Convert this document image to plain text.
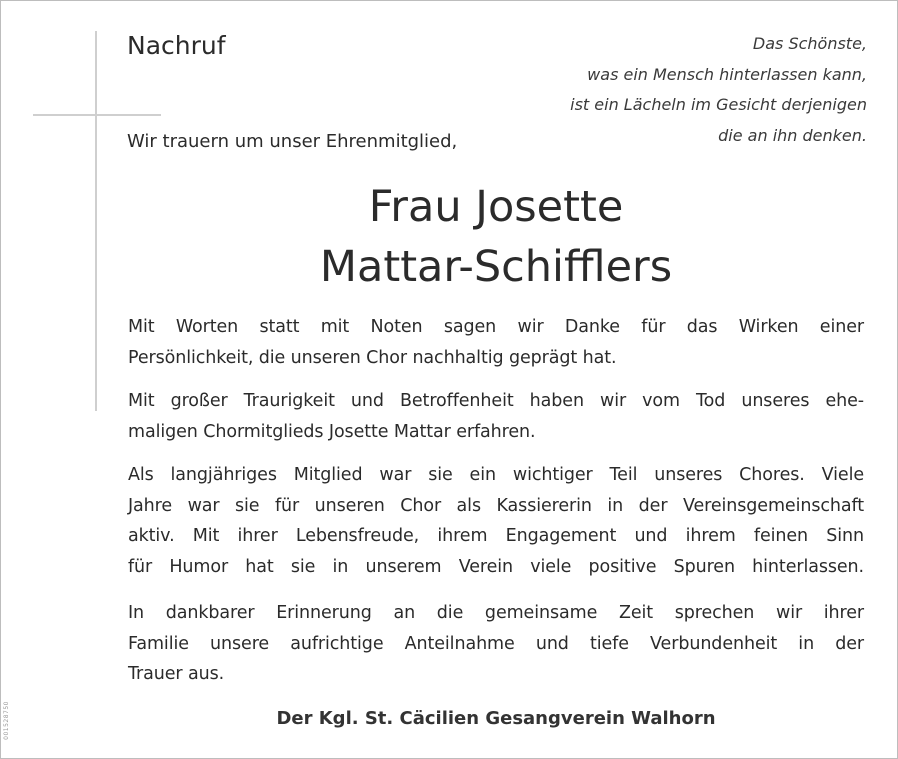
Nachruf	Das Schönste,
was ein Mensch hinterlassen kann,
ist ein Lächeln im Gesicht derjenigen
die an ihn denken.
Wir trauern um unser Ehrenmitglied,
Frau Josette
Mattar-Schifflers
Mit Worten statt mit Noten sagen wir Danke für das Wirken einer
Persönlichkeit, die unseren Chor nachhaltig geprägt hat.
Mit großer Traurigkeit und Betroffenheit haben wir vom Tod unseres ehe-
maligen Chormitglieds Josette Mattar erfahren.
Als langjähriges Mitglied war sie ein wichtiger Teil unseres Chores. Viele
Jahre war sie für unseren Chor als Kassiererin in der Vereinsgemeinschaft
aktiv. Mit ihrer Lebensfreude, ihrem Engagement und ihrem feinen Sinn
für Humor hat sie in unserem Verein viele positive Spuren hinterlassen.
In dankbarer Erinnerung an die gemeinsame Zeit sprechen wir ihrer
Familie unsere aufrichtige Anteilnahme und tiefe Verbundenheit in der
Trauer aus.
Der Kgl. St. Cäcilien Gesangverein Walhorn
001528750
